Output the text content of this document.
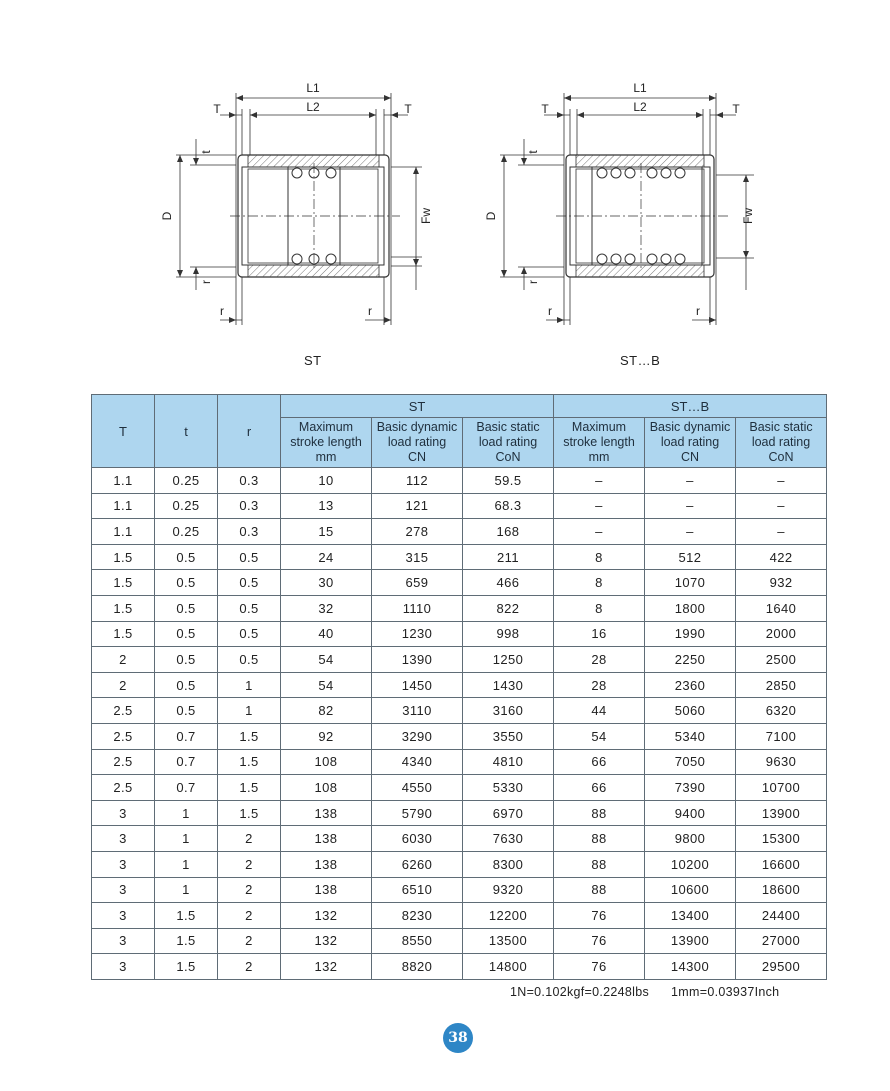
L1
L2
T	T
D
t
Fw
r
r	r
ST
L1
L2
T	T
D
t
Fw
r
r	r
ST…B
T	t	r	ST			ST…B		
			Maximum
stroke length
mm	Basic dynamic
load rating
CN	Basic static
load rating
CoN	Maximum
stroke length
mm	Basic dynamic
load rating
CN	Basic static
load rating
CoN
1.1	0.25	0.3	10	112	59.5	–	–	–
1.1	0.25	0.3	13	121	68.3	–	–	–
1.1	0.25	0.3	15	278	168	–	–	–
1.5	0.5	0.5	24	315	211	8	512	422
1.5	0.5	0.5	30	659	466	8	1070	932
1.5	0.5	0.5	32	1110	822	8	1800	1640
1.5	0.5	0.5	40	1230	998	16	1990	2000
2	0.5	0.5	54	1390	1250	28	2250	2500
2	0.5	1	54	1450	1430	28	2360	2850
2.5	0.5	1	82	3110	3160	44	5060	6320
2.5	0.7	1.5	92	3290	3550	54	5340	7100
2.5	0.7	1.5	108	4340	4810	66	7050	9630
2.5	0.7	1.5	108	4550	5330	66	7390	10700
3	1	1.5	138	5790	6970	88	9400	13900
3	1	2	138	6030	7630	88	9800	15300
3	1	2	138	6260	8300	88	10200	16600
3	1	2	138	6510	9320	88	10600	18600
3	1.5	2	132	8230	12200	76	13400	24400
3	1.5	2	132	8550	13500	76	13900	27000
3	1.5	2	132	8820	14800	76	14300	29500
1N=0.102kgf=0.2248lbs 1mm=0.03937Inch
38
